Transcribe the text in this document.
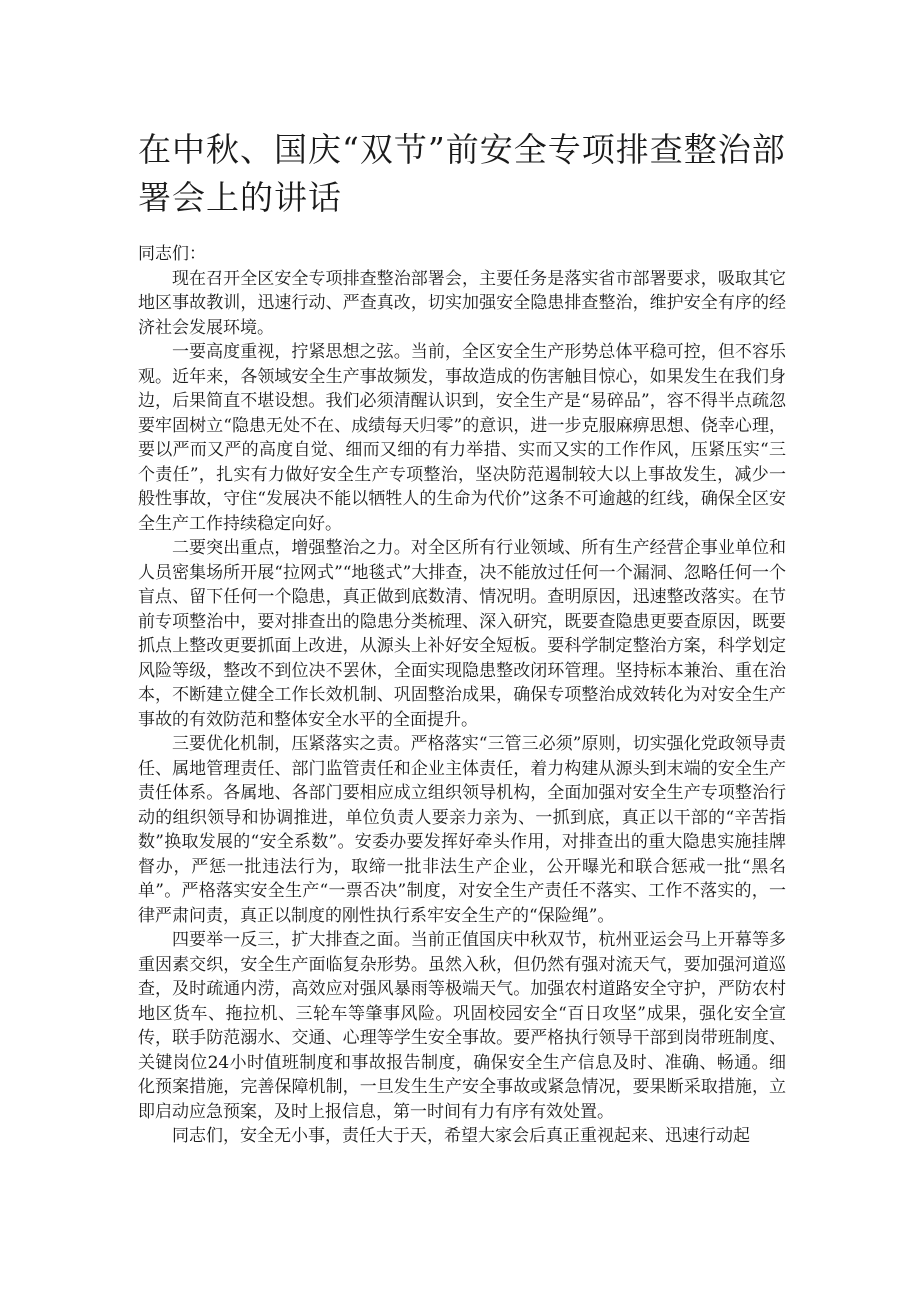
在中秋、国庆“双节”前安全专项排查整治部署会上的讲话

同志们：

现在召开全区安全专项排查整治部署会，主要任务是落实省市部署要求，吸取其它地区事故教训，迅速行动、严查真改，切实加强安全隐患排查整治，维护安全有序的经济社会发展环境。

一要高度重视，拧紧思想之弦。当前，全区安全生产形势总体平稳可控，但不容乐观。近年来，各领域安全生产事故频发，事故造成的伤害触目惊心，如果发生在我们身边，后果简直不堪设想。我们必须清醒认识到，安全生产是“易碎品”，容不得半点疏忽要牢固树立“隐患无处不在、成绩每天归零”的意识，进一步克服麻痹思想、侥幸心理，要以严而又严的高度自觉、细而又细的有力举措、实而又实的工作作风，压紧压实“三个责任”，扎实有力做好安全生产专项整治，坚决防范遏制较大以上事故发生，减少一般性事故，守住“发展决不能以牺牲人的生命为代价”这条不可逾越的红线，确保全区安全生产工作持续稳定向好。

二要突出重点，增强整治之力。对全区所有行业领域、所有生产经营企事业单位和人员密集场所开展“拉网式”“地毯式”大排查，决不能放过任何一个漏洞、忽略任何一个盲点、留下任何一个隐患，真正做到底数清、情况明。查明原因，迅速整改落实。在节前专项整治中，要对排查出的隐患分类梳理、深入研究，既要查隐患更要查原因，既要抓点上整改更要抓面上改进，从源头上补好安全短板。要科学制定整治方案，科学划定风险等级，整改不到位决不罢休，全面实现隐患整改闭环管理。坚持标本兼治、重在治本，不断建立健全工作长效机制、巩固整治成果，确保专项整治成效转化为对安全生产事故的有效防范和整体安全水平的全面提升。

三要优化机制，压紧落实之责。严格落实“三管三必须”原则，切实强化党政领导责任、属地管理责任、部门监管责任和企业主体责任，着力构建从源头到末端的安全生产责任体系。各属地、各部门要相应成立组织领导机构，全面加强对安全生产专项整治行动的组织领导和协调推进，单位负责人要亲力亲为、一抓到底，真正以干部的“辛苦指数”换取发展的“安全系数”。安委办要发挥好牵头作用，对排查出的重大隐患实施挂牌督办，严惩一批违法行为，取缔一批非法生产企业，公开曝光和联合惩戒一批“黑名单”。严格落实安全生产“一票否决”制度，对安全生产责任不落实、工作不落实的，一律严肃问责，真正以制度的刚性执行系牢安全生产的“保险绳”。

四要举一反三，扩大排查之面。当前正值国庆中秋双节，杭州亚运会马上开幕等多重因素交织，安全生产面临复杂形势。虽然入秋，但仍然有强对流天气，要加强河道巡查，及时疏通内涝，高效应对强风暴雨等极端天气。加强农村道路安全守护，严防农村地区货车、拖拉机、三轮车等肇事风险。巩固校园安全“百日攻坚”成果，强化安全宣传，联手防范溺水、交通、心理等学生安全事故。要严格执行领导干部到岗带班制度、关键岗位24小时值班制度和事故报告制度，确保安全生产信息及时、准确、畅通。细化预案措施，完善保障机制，一旦发生生产安全事故或紧急情况，要果断采取措施，立即启动应急预案，及时上报信息，第一时间有力有序有效处置。

同志们，安全无小事，责任大于天，希望大家会后真正重视起来、迅速行动起
